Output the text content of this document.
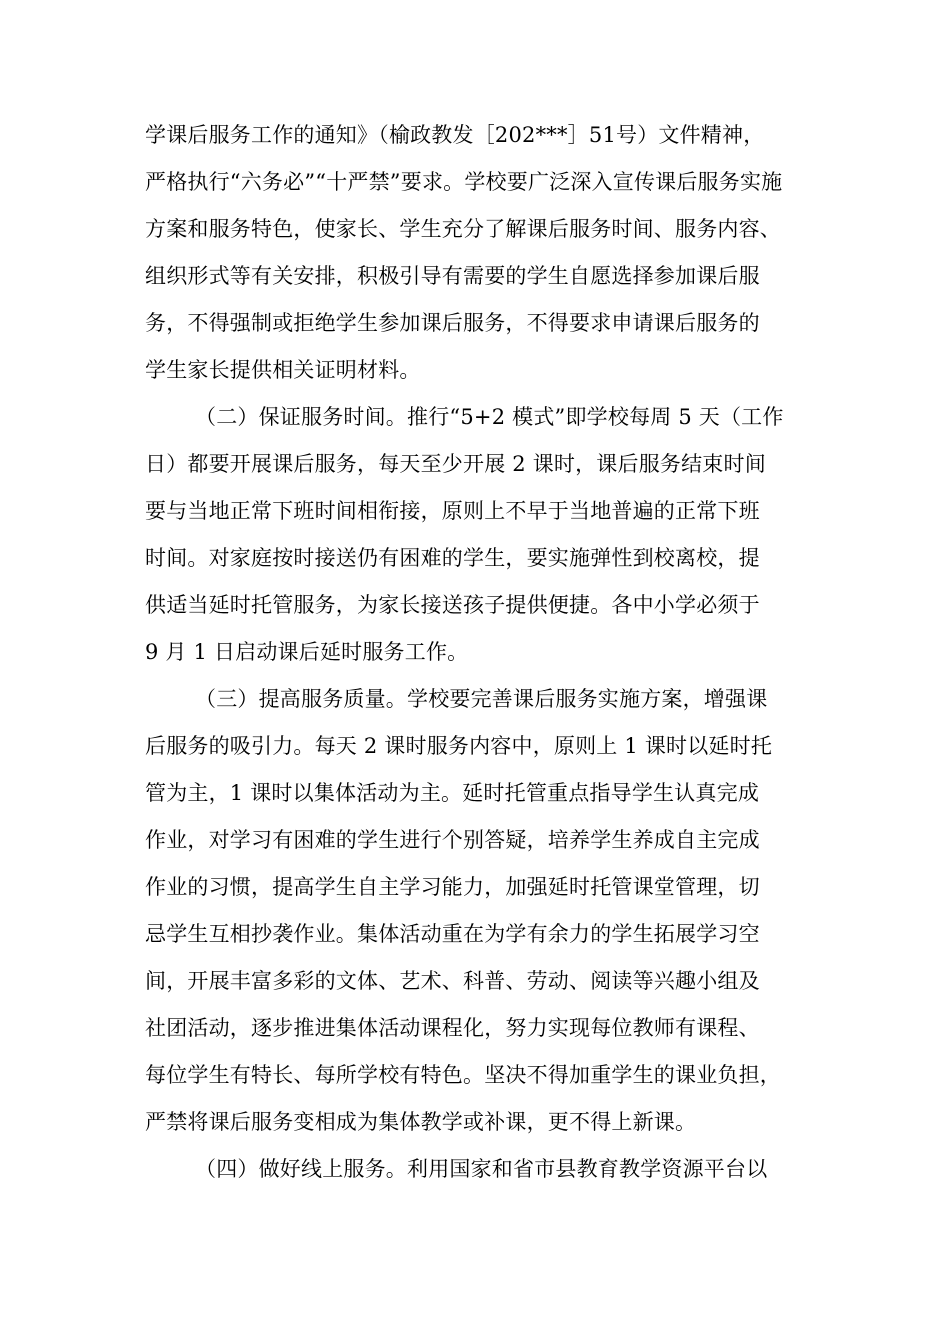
学课后服务工作的通知》（榆政教发［202***］51号）文件精神，
严格执行“六务必”“十严禁”要求。学校要广泛深入宣传课后服务实施
方案和服务特色，使家长、学生充分了解课后服务时间、服务内容、
组织形式等有关安排，积极引导有需要的学生自愿选择参加课后服
务，不得强制或拒绝学生参加课后服务，不得要求申请课后服务的
学生家长提供相关证明材料。
（二）保证服务时间。推行“5+2 模式”即学校每周 5 天（工作
日）都要开展课后服务，每天至少开展 2 课时，课后服务结束时间
要与当地正常下班时间相衔接，原则上不早于当地普遍的正常下班
时间。对家庭按时接送仍有困难的学生，要实施弹性到校离校，提
供适当延时托管服务，为家长接送孩子提供便捷。各中小学必须于
9 月 1 日启动课后延时服务工作。
（三）提高服务质量。学校要完善课后服务实施方案，增强课
后服务的吸引力。每天 2 课时服务内容中，原则上 1 课时以延时托
管为主，1 课时以集体活动为主。延时托管重点指导学生认真完成
作业，对学习有困难的学生进行个别答疑，培养学生养成自主完成
作业的习惯，提高学生自主学习能力，加强延时托管课堂管理，切
忌学生互相抄袭作业。集体活动重在为学有余力的学生拓展学习空
间，开展丰富多彩的文体、艺术、科普、劳动、阅读等兴趣小组及
社团活动，逐步推进集体活动课程化，努力实现每位教师有课程、
每位学生有特长、每所学校有特色。坚决不得加重学生的课业负担，
严禁将课后服务变相成为集体教学或补课，更不得上新课。
（四）做好线上服务。利用国家和省市县教育教学资源平台以
